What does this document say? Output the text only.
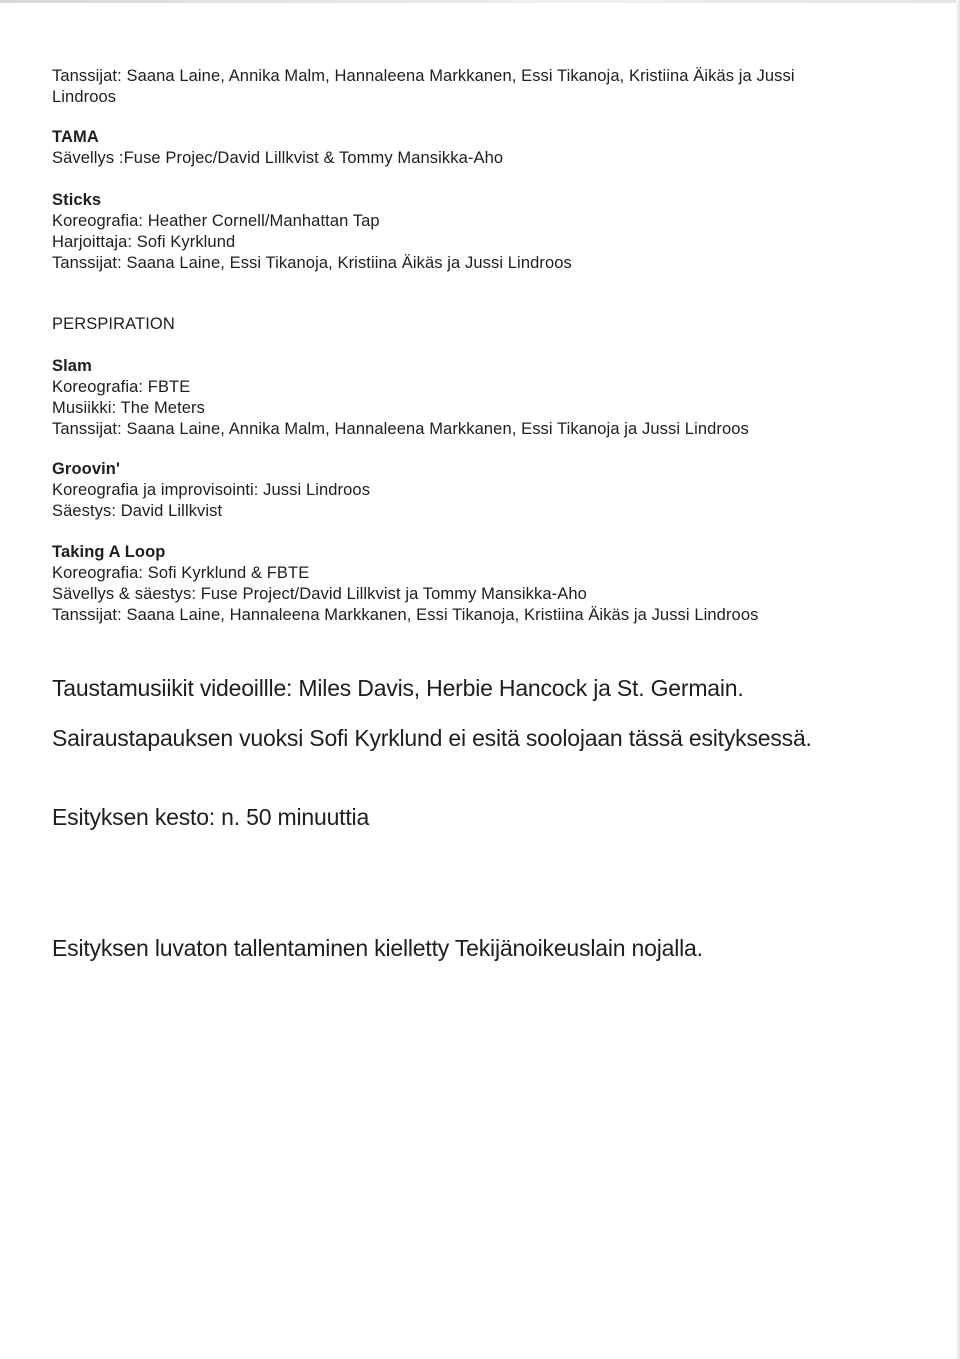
Tanssijat: Saana Laine, Annika Malm, Hannaleena Markkanen, Essi Tikanoja, Kristiina Äikäs ja Jussi Lindroos
TAMA
Sävellys :Fuse Projec/David Lillkvist & Tommy Mansikka-Aho
Sticks
Koreografia: Heather Cornell/Manhattan Tap
Harjoittaja: Sofi Kyrklund
Tanssijat: Saana Laine, Essi Tikanoja, Kristiina Äikäs ja Jussi Lindroos
PERSPIRATION
Slam
Koreografia: FBTE
Musiikki: The Meters
Tanssijat: Saana Laine, Annika Malm, Hannaleena Markkanen, Essi Tikanoja ja Jussi Lindroos
Groovin'
Koreografia ja improvisointi: Jussi Lindroos
Säestys: David Lillkvist
Taking A Loop
Koreografia: Sofi Kyrklund & FBTE
Sävellys & säestys: Fuse Project/David Lillkvist ja Tommy Mansikka-Aho
Tanssijat: Saana Laine, Hannaleena Markkanen, Essi Tikanoja, Kristiina Äikäs ja Jussi Lindroos
Taustamusiikit videoillle: Miles Davis, Herbie Hancock ja St. Germain.
Sairaustapauksen vuoksi Sofi Kyrklund ei esitä soolojaan tässä esityksessä.
Esityksen kesto: n. 50 minuuttia
Esityksen luvaton tallentaminen kielletty Tekijänoikeuslain nojalla.
